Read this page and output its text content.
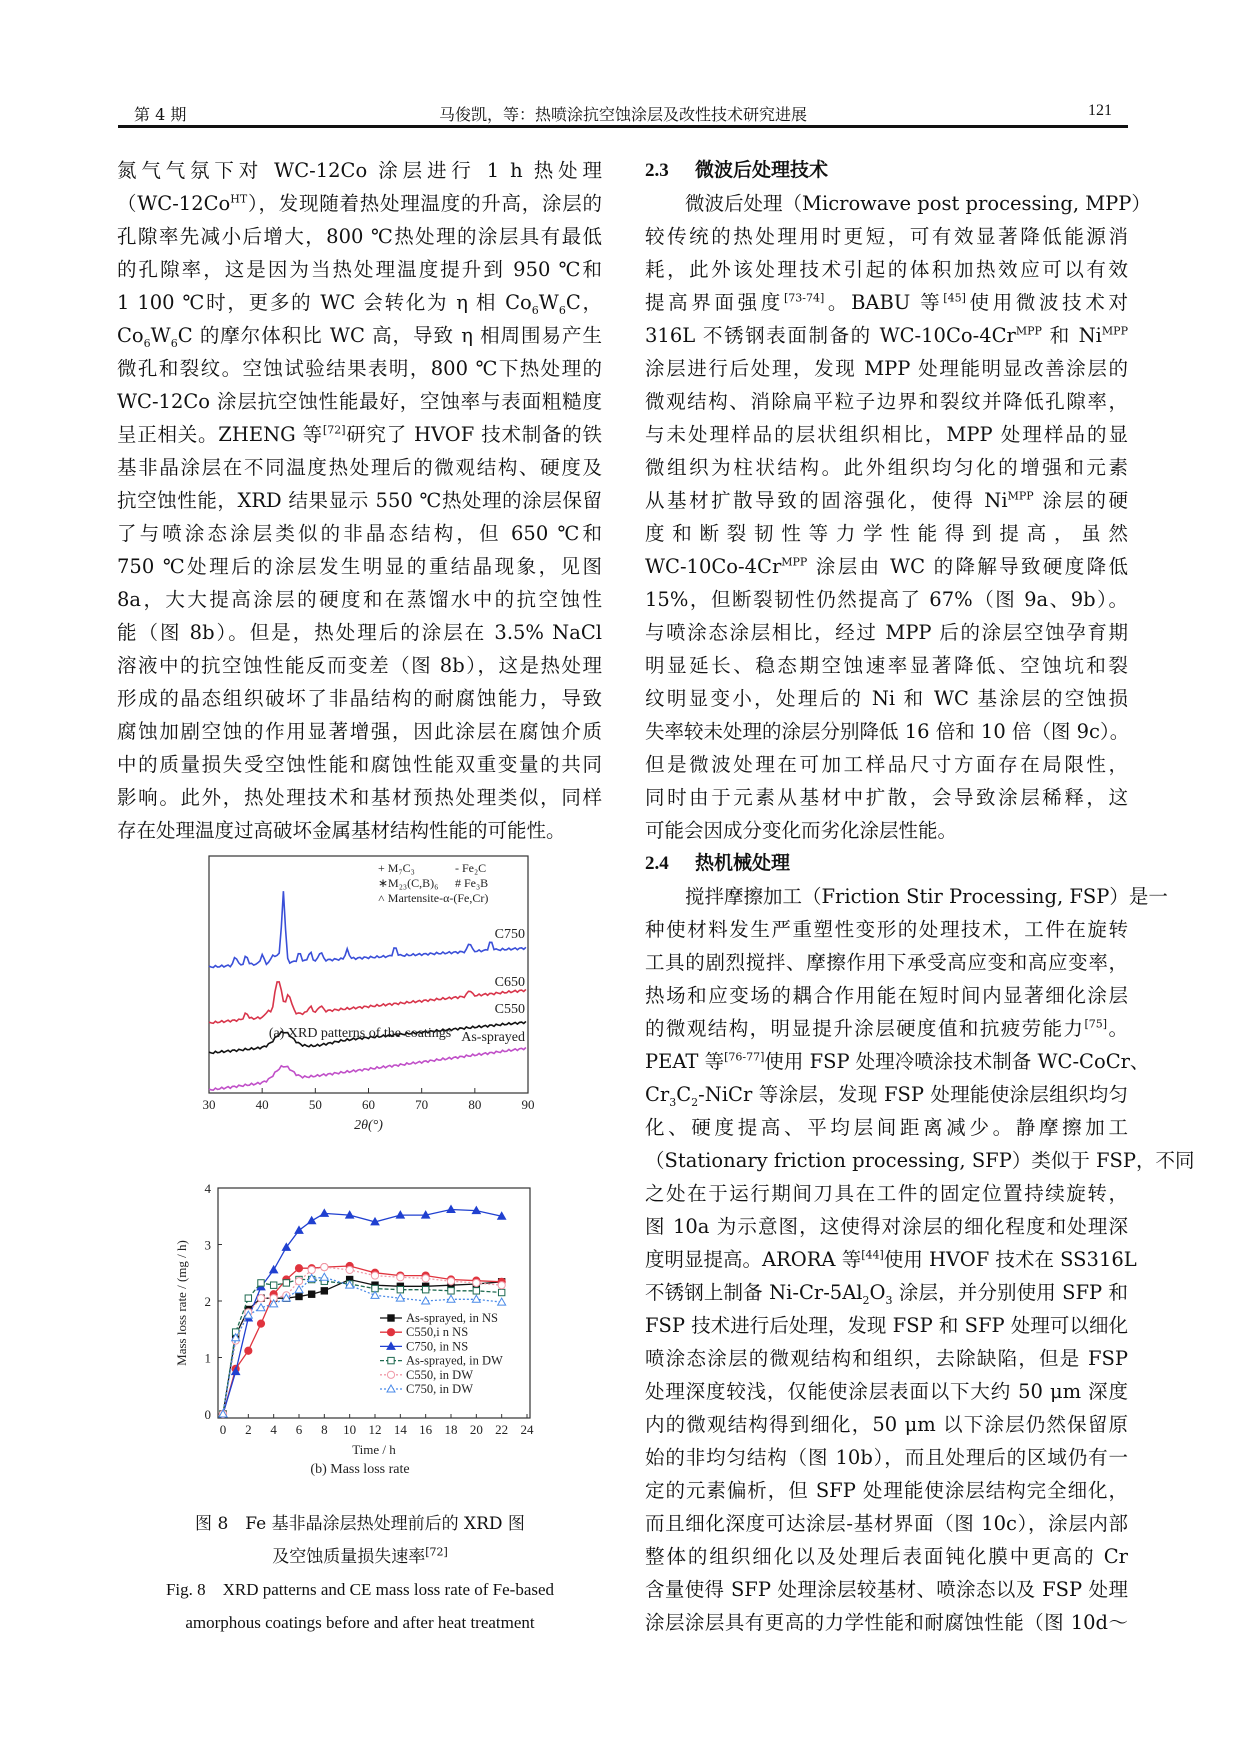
第 4 期	马俊凯，等：热喷涂抗空蚀涂层及改性技术研究进展	121
氮气气氛下对 WC-12Co 涂层进行 1 h 热处理
$(WC-12Co^{HT})$，发现随着热处理温度的升高，涂层的
孔隙率先减小后增大，800 ℃热处理的涂层具有最低
的孔隙率，这是因为当热处理温度提升到 950 ℃和
1 100 ℃时，更多的 WC 会转化为 η 相 $Co_6W_6C$，
$Co_6W_6C$ 的摩尔体积比 WC 高，导致 η 相周围易产生
微孔和裂纹。空蚀试验结果表明，800 ℃下热处理的
WC-12Co 涂层抗空蚀性能最好，空蚀率与表面粗糙度
呈正相关。ZHENG 等[72]研究了 HVOF 技术制备的铁
基非晶涂层在不同温度热处理后的微观结构、硬度及
抗空蚀性能，XRD 结果显示 550 ℃热处理的涂层保留
了与喷涂态涂层类似的非晶态结构，但 650 ℃和
750 ℃处理后的涂层发生明显的重结晶现象，见图
8a，大大提高涂层的硬度和在蒸馏水中的抗空蚀性
能（图 8b）。但是，热处理后的涂层在 3.5% NaCl
溶液中的抗空蚀性能反而变差（图 8b），这是热处理
形成的晶态组织破坏了非晶结构的耐腐蚀能力，导致
腐蚀加剧空蚀的作用显著增强，因此涂层在腐蚀介质
中的质量损失受空蚀性能和腐蚀性能双重变量的共同
影响。此外，热处理技术和基材预热处理类似，同样
存在处理温度过高破坏金属基材结构性能的可能性。
30	40	50	60	70	80	90
2θ(°)
C750
C650
C550
As-sprayed
+ M₇C₃	- Fe₂C
∗M₂₃(C,B)₆ # Fe₃B
˄ Martensite-α-(Fe,Cr)
(a) XRD patterns of the coatings
0 2 4 6 8 10 12 14 16 18 20 22 24
0
1
2
3
4
Time / h
Mass loss rate / (mg / h)	As-sprayed, in NS
C550,i n NS
C750, in NS
As-sprayed, in DW
C550, in DW
C750, in DW
(b) Mass loss rate
图 8　Fe 基非晶涂层热处理前后的 XRD 图
及空蚀质量损失速率[72]
Fig. 8　XRD patterns and CE mass loss rate of Fe-based
amorphous coatings before and after heat treatment
2.3 微波后处理技术
微波后处理（Microwave post processing, MPP）
较传统的热处理用时更短，可有效显著降低能源消
耗，此外该处理技术引起的体积加热效应可以有效
提高界面强度[73-74]。BABU 等[45]使用微波技术对
316L 不锈钢表面制备的 $WC-10Co-4Cr^{MPP}$ 和 $Ni^{MPP}$
涂层进行后处理，发现 MPP 处理能明显改善涂层的
微观结构、消除扁平粒子边界和裂纹并降低孔隙率，
与未处理样品的层状组织相比，MPP 处理样品的显
微组织为柱状结构。此外组织均匀化的增强和元素
从基材扩散导致的固溶强化，使得 $Ni^{MPP}$ 涂层的硬
度和断裂韧性等力学性能得到提高，虽然
$WC-10Co-4Cr^{MPP}$ 涂层由 WC 的降解导致硬度降低
15%，但断裂韧性仍然提高了 67%（图 9a、9b）。
与喷涂态涂层相比，经过 MPP 后的涂层空蚀孕育期
明显延长、稳态期空蚀速率显著降低、空蚀坑和裂
纹明显变小，处理后的 Ni 和 WC 基涂层的空蚀损
失率较未处理的涂层分别降低 16 倍和 10 倍（图 9c）。
但是微波处理在可加工样品尺寸方面存在局限性，
同时由于元素从基材中扩散，会导致涂层稀释，这
可能会因成分变化而劣化涂层性能。
2.4 热机械处理
搅拌摩擦加工（Friction Stir Processing, FSP）是一
种使材料发生严重塑性变形的处理技术，工件在旋转
工具的剧烈搅拌、摩擦作用下承受高应变和高应变率，
热场和应变场的耦合作用能在短时间内显著细化涂层
的微观结构，明显提升涂层硬度值和抗疲劳能力[75]。
PEAT 等[76-77]使用 FSP 处理冷喷涂技术制备 WC-CoCr、
$Cr_3C_2$-NiCr 等涂层，发现 FSP 处理能使涂层组织均匀
化、硬度提高、平均层间距离减少。静摩擦加工
（Stationary friction processing, SFP）类似于 FSP，不同
之处在于运行期间刀具在工件的固定位置持续旋转，
图 10a 为示意图，这使得对涂层的细化程度和处理深
度明显提高。ARORA 等[44]使用 HVOF 技术在 SS316L
不锈钢上制备 $Ni-Cr-5Al_2O_3$ 涂层，并分别使用 SFP 和
FSP 技术进行后处理，发现 FSP 和 SFP 处理可以细化
喷涂态涂层的微观结构和组织，去除缺陷，但是 FSP
处理深度较浅，仅能使涂层表面以下大约 50 μm 深度
内的微观结构得到细化，50 μm 以下涂层仍然保留原
始的非均匀结构（图 10b），而且处理后的区域仍有一
定的元素偏析，但 SFP 处理能使涂层结构完全细化，
而且细化深度可达涂层-基材界面（图 10c），涂层内部
整体的组织细化以及处理后表面钝化膜中更高的 Cr
含量使得 SFP 处理涂层较基材、喷涂态以及 FSP 处理
涂层涂层具有更高的力学性能和耐腐蚀性能（图 10d～
